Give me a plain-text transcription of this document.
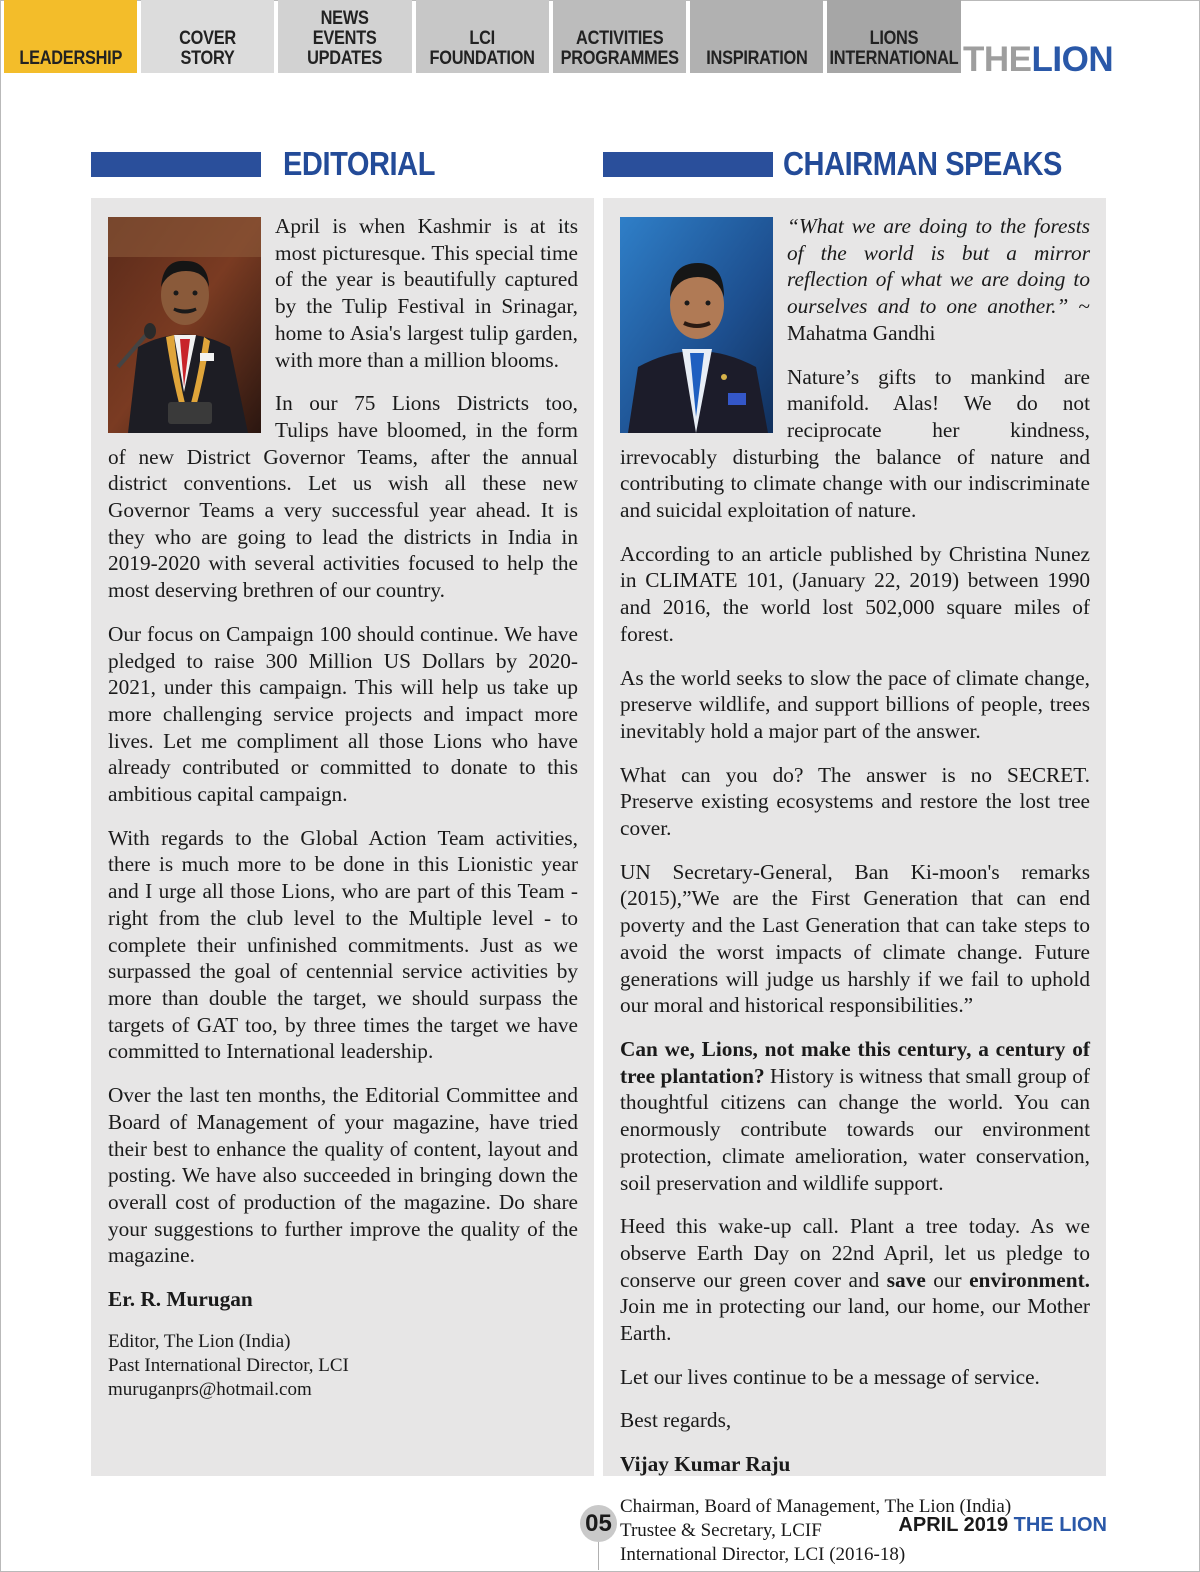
LEADERSHIP
COVER STORY
NEWS
EVENTS
UPDATES
LCI
FOUNDATION
ACTIVITIES
PROGRAMMES INSPIRATION
LIONS
INTERNATIONAL THELION
EDITORIAL	CHAIRMAN SPEAKS

April is when Kashmir is at its most picturesque. This special time of the year is beautifully captured by the Tulip Festival in Srinagar, home to Asia's largest tulip garden, with more than a million blooms.

In our 75 Lions Districts too, Tulips have bloomed, in the form of new District Governor Teams, after the annual district conventions. Let us wish all these new Governor Teams a very successful year ahead. It is they who are going to lead the districts in India in 2019-2020 with several activities focused to help the most deserving brethren of our country.

Our focus on Campaign 100 should continue. We have pledged to raise 300 Million US Dollars by 2020-2021, under this campaign. This will help us take up more challenging service projects and impact more lives. Let me compliment all those Lions who have already contributed or committed to donate to this ambitious capital campaign.

With regards to the Global Action Team activities, there is much more to be done in this Lionistic year and I urge all those Lions, who are part of this Team - right from the club level to the Multiple level - to complete their unfinished commitments. Just as we surpassed the goal of centennial service activities by more than double the target, we should surpass the targets of GAT too, by three times the target we have committed to International leadership.

Over the last ten months, the Editorial Committee and Board of Management of your magazine, have tried their best to enhance the quality of content, layout and posting. We have also succeeded in bringing down the overall cost of production of the magazine. Do share your suggestions to further improve the quality of the magazine.

Er. R. Murugan

Editor, The Lion (India)
Past International Director, LCI
muruganprs@hotmail.com

“What we are doing to the forests of the world is but a mirror reflection of what we are doing to ourselves and to one another.” ~ Mahatma Gandhi

Nature’s gifts to mankind are manifold. Alas! We do not reciprocate her kindness, irrevocably disturbing the balance of nature and contributing to climate change with our indiscriminate and suicidal exploitation of nature.

According to an article published by Christina Nunez in CLIMATE 101, (January 22, 2019) between 1990 and 2016, the world lost 502,000 square miles of forest.

As the world seeks to slow the pace of climate change, preserve wildlife, and support billions of people, trees inevitably hold a major part of the answer.

What can you do? The answer is no SECRET. Preserve existing ecosystems and restore the lost tree cover.

UN Secretary-General, Ban Ki-moon's remarks (2015),”We are the First Generation that can end poverty and the Last Generation that can take steps to avoid the worst impacts of climate change. Future generations will judge us harshly if we fail to uphold our moral and historical responsibilities.”

Can we, Lions, not make this century, a century of tree plantation? History is witness that small group of thoughtful citizens can change the world. You can enormously contribute towards our environment protection, climate amelioration, water conservation, soil preservation and wildlife support.

Heed this wake-up call. Plant a tree today. As we observe Earth Day on 22nd April, let us pledge to conserve our green cover and save our environment. Join me in protecting our land, our home, our Mother Earth.

Let our lives continue to be a message of service.

Best regards,

Vijay Kumar Raju

Chairman, Board of Management, The Lion (India)
Trustee & Secretary, LCIF
International Director, LCI (2016-18)
05	APRIL 2019 THE LION
